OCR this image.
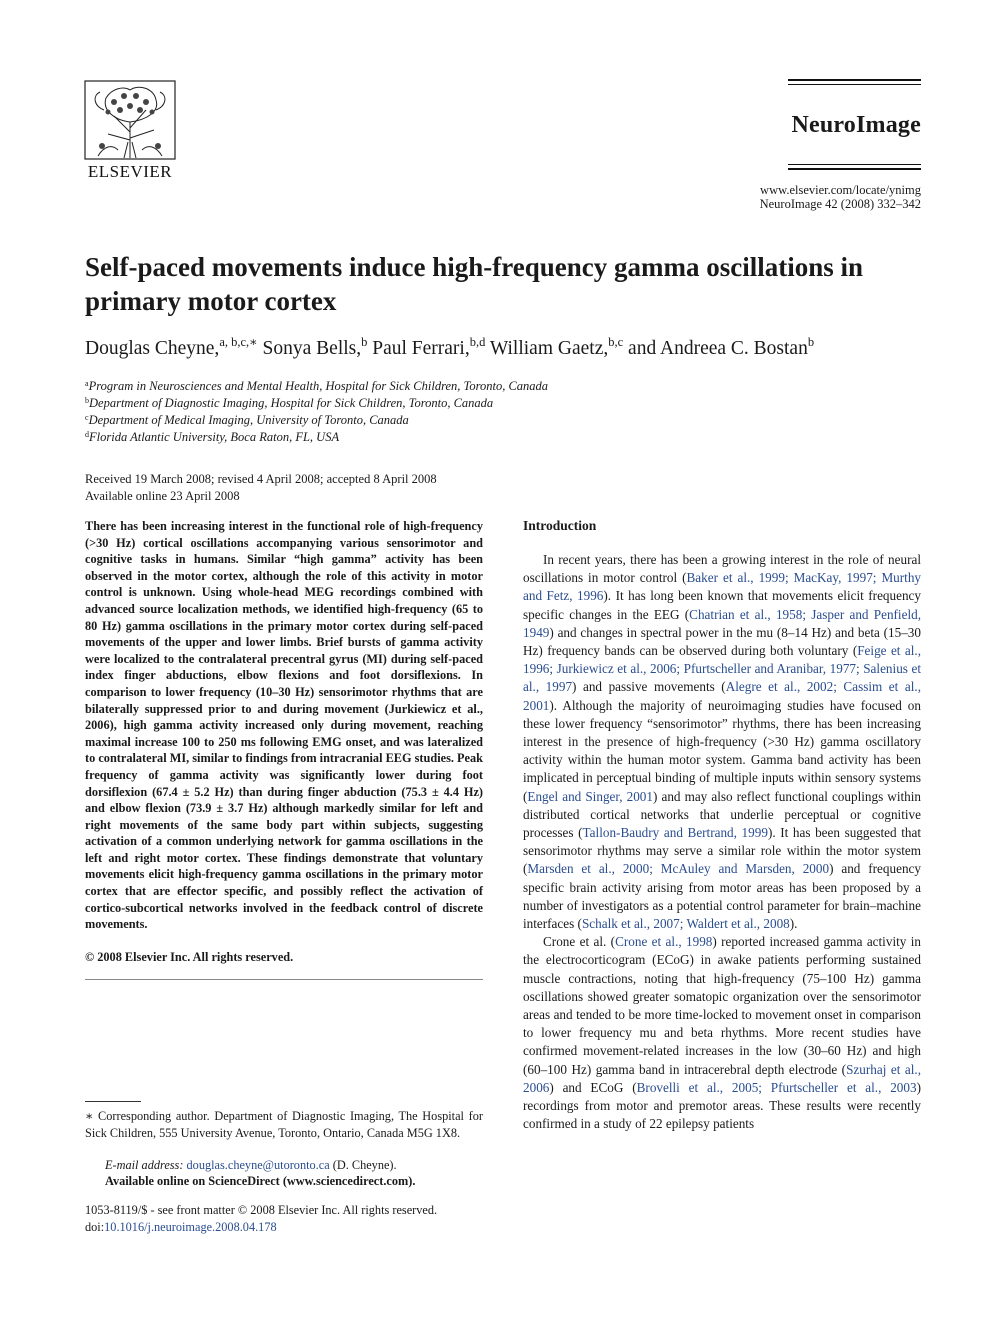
ELSEVIER
NeuroImage
www.elsevier.com/locate/ynimg
NeuroImage 42 (2008) 332–342
Self-paced movements induce high-frequency gamma oscillations in primary motor cortex
Douglas Cheyne,$^{a, b,c,∗}$ Sonya Bells,$^b$ Paul Ferrari,$^{b,d}$ William Gaetz,$^{b,c}$ and Andreea C. Bostan$^b$
$^a$Program in Neurosciences and Mental Health, Hospital for Sick Children, Toronto, Canada
$^b$Department of Diagnostic Imaging, Hospital for Sick Children, Toronto, Canada
$^c$Department of Medical Imaging, University of Toronto, Canada
$^d$Florida Atlantic University, Boca Raton, FL, USA
Received 19 March 2008; revised 4 April 2008; accepted 8 April 2008
Available online 23 April 2008
There has been increasing interest in the functional role of high-frequency (>30 Hz) cortical oscillations accompanying various sensorimotor and cognitive tasks in humans. Similar “high gamma” activity has been observed in the motor cortex, although the role of this activity in motor control is unknown. Using whole-head MEG recordings combined with advanced source localization methods, we identified high-frequency (65 to 80 Hz) gamma oscillations in the primary motor cortex during self-paced movements of the upper and lower limbs. Brief bursts of gamma activity were localized to the contralateral precentral gyrus (MI) during self-paced index finger abductions, elbow flexions and foot dorsiflexions. In comparison to lower frequency (10–30 Hz) sensorimotor rhythms that are bilaterally suppressed prior to and during movement (Jurkiewicz et al., 2006), high gamma activity increased only during movement, reaching maximal increase 100 to 250 ms following EMG onset, and was lateralized to contralateral MI, similar to findings from intracranial EEG studies. Peak frequency of gamma activity was significantly lower during foot dorsiflexion (67.4 ± 5.2 Hz) than during finger abduction (75.3 ± 4.4 Hz) and elbow flexion (73.9 ± 3.7 Hz) although markedly similar for left and right movements of the same body part within subjects, suggesting activation of a common underlying network for gamma oscillations in the left and right motor cortex. These findings demonstrate that voluntary movements elicit high-frequency gamma oscillations in the primary motor cortex that are effector specific, and possibly reflect the activation of cortico-subcortical networks involved in the feedback control of discrete movements.
© 2008 Elsevier Inc. All rights reserved.
∗ Corresponding author. Department of Diagnostic Imaging, The Hospital for Sick Children, 555 University Avenue, Toronto, Ontario, Canada M5G 1X8.
E-mail address: douglas.cheyne@utoronto.ca (D. Cheyne).
Available online on ScienceDirect (www.sciencedirect.com).
1053-8119/$ - see front matter © 2008 Elsevier Inc. All rights reserved.
doi:10.1016/j.neuroimage.2008.04.178
Introduction

In recent years, there has been a growing interest in the role of neural oscillations in motor control (Baker et al., 1999; MacKay, 1997; Murthy and Fetz, 1996). It has long been known that movements elicit frequency specific changes in the EEG (Chatrian et al., 1958; Jasper and Penfield, 1949) and changes in spectral power in the mu (8–14 Hz) and beta (15–30 Hz) frequency bands can be observed during both voluntary (Feige et al., 1996; Jurkiewicz et al., 2006; Pfurtscheller and Aranibar, 1977; Salenius et al., 1997) and passive movements (Alegre et al., 2002; Cassim et al., 2001). Although the majority of neuroimaging studies have focused on these lower frequency “sensorimotor” rhythms, there has been increasing interest in the presence of high-frequency (>30 Hz) gamma oscillatory activity within the human motor system. Gamma band activity has been implicated in perceptual binding of multiple inputs within sensory systems (Engel and Singer, 2001) and may also reflect functional couplings within distributed cortical networks that underlie perceptual or cognitive processes (Tallon-Baudry and Bertrand, 1999). It has been suggested that sensorimotor rhythms may serve a similar role within the motor system (Marsden et al., 2000; McAuley and Marsden, 2000) and frequency specific brain activity arising from motor areas has been proposed by a number of investigators as a potential control parameter for brain–machine interfaces (Schalk et al., 2007; Waldert et al., 2008).

Crone et al. (Crone et al., 1998) reported increased gamma activity in the electrocorticogram (ECoG) in awake patients performing sustained muscle contractions, noting that high-frequency (75–100 Hz) gamma oscillations showed greater somatopic organization over the sensorimotor areas and tended to be more time-locked to movement onset in comparison to lower frequency mu and beta rhythms. More recent studies have confirmed movement-related increases in the low (30–60 Hz) and high (60–100 Hz) gamma band in intracerebral depth electrode (Szurhaj et al., 2006) and ECoG (Brovelli et al., 2005; Pfurtscheller et al., 2003) recordings from motor and premotor areas. These results were recently confirmed in a study of 22 epilepsy patients
